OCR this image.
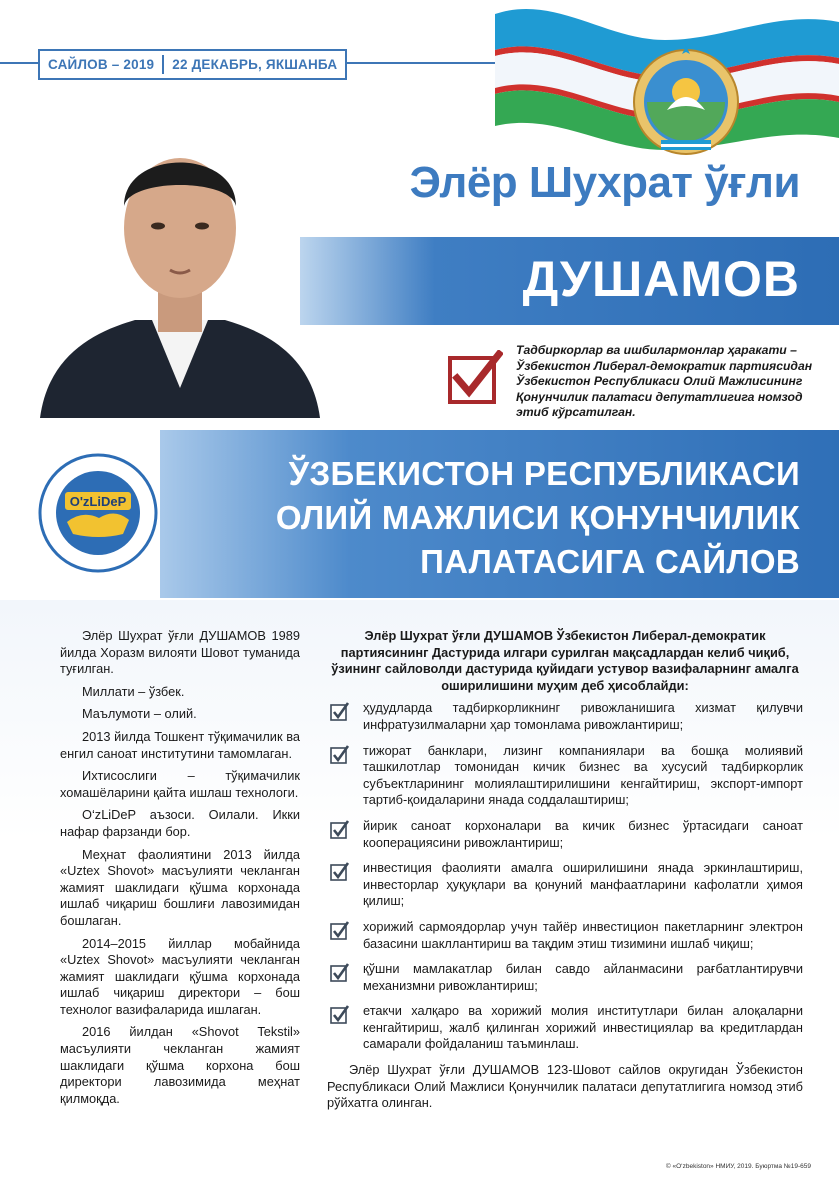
САЙЛОВ – 2019	22 ДЕКАБРЬ, ЯКШАНБА
Элёр Шухрат ўғли
ДУШАМОВ
Тадбиркорлар ва ишбилармонлар ҳаракати – Ўзбекистон Либерал-демократик партиясидан Ўзбекистон Республикаси Олий Мажлисининг Қонунчилик палатаси депутатлигига номзод этиб кўрсатилган.
ЎЗБЕКИСТОН РЕСПУБЛИКАСИ
ОЛИЙ МАЖЛИСИ ҚОНУНЧИЛИК
ПАЛАТАСИГА САЙЛОВ
O'zLiDeP

Элёр Шухрат ўғли ДУШАМОВ 1989 йилда Хоразм вилояти Шовот туманида туғилган.

Миллати – ўзбек.

Маълумоти – олий.

2013 йилда Тошкент тўқимачилик ва енгил саноат институтини тамомлаган.

Ихтисослиги – тўқимачилик хомашёларини қайта ишлаш технологи.

O‘zLiDeP аъзоси. Оилали. Икки нафар фарзанди бор.

Меҳнат фаолиятини 2013 йилда «Uztex Shovot» масъулияти чекланган жамият шаклидаги қўшма корхонада ишлаб чиқариш бошлиғи лавозимидан бошлаган.

2014–2015 йиллар мобайнида «Uztex Shovot» масъулияти чекланган жамият шаклидаги қўшма корхонада ишлаб чиқариш директори – бош технолог вазифаларида ишлаган.

2016 йилдан «Shovot Tekstil» масъулияти чекланган жамият шаклидаги қўшма корхона бош директори лавозимида меҳнат қилмоқда.

Элёр Шухрат ўғли ДУШАМОВ Ўзбекистон Либерал-демократик партиясининг Дастурида илгари сурилган мақсадлардан келиб чиқиб, ўзининг сайловолди дастурида қуйидаги устувор вазифаларнинг амалга оширилишини муҳим деб ҳисоблайди:

ҳудудларда тадбиркорликнинг ривожланишига хизмат қилувчи инфратузилмаларни ҳар томонлама ривожлантириш;
тижорат банклари, лизинг компаниялари ва бошқа молиявий ташкилотлар томонидан кичик бизнес ва хусусий тадбиркорлик субъектларининг молиялаштирилишини кенгайтириш, экспорт-импорт тартиб-қоидаларини янада соддалаштириш;
йирик саноат корхоналари ва кичик бизнес ўртасидаги саноат кооперациясини ривожлантириш;
инвестиция фаолияти амалга оширилишини янада эркинлаштириш, инвесторлар ҳуқуқлари ва қонуний манфаатларини кафолатли ҳимоя қилиш;
хорижий сармоядорлар учун тайёр инвестицион пакетларнинг электрон базасини шакллантириш ва тақдим этиш тизимини ишлаб чиқиш;
қўшни мамлакатлар билан савдо айланмасини рағбатлантирувчи механизмни ривожлантириш;
етакчи халқаро ва хорижий молия институтлари билан алоқаларни кенгайтириш, жалб қилинган хорижий инвестициялар ва кредитлардан самарали фойдаланиш таъминлаш.

Элёр Шухрат ўғли ДУШАМОВ 123-Шовот сайлов округидан Ўзбекистон Республикаси Олий Мажлиси Қонунчилик палатаси депутатлигига номзод этиб рўйхатга олинган.

© «O‘zbekiston» НМИУ, 2019. Буюртма №19-659
